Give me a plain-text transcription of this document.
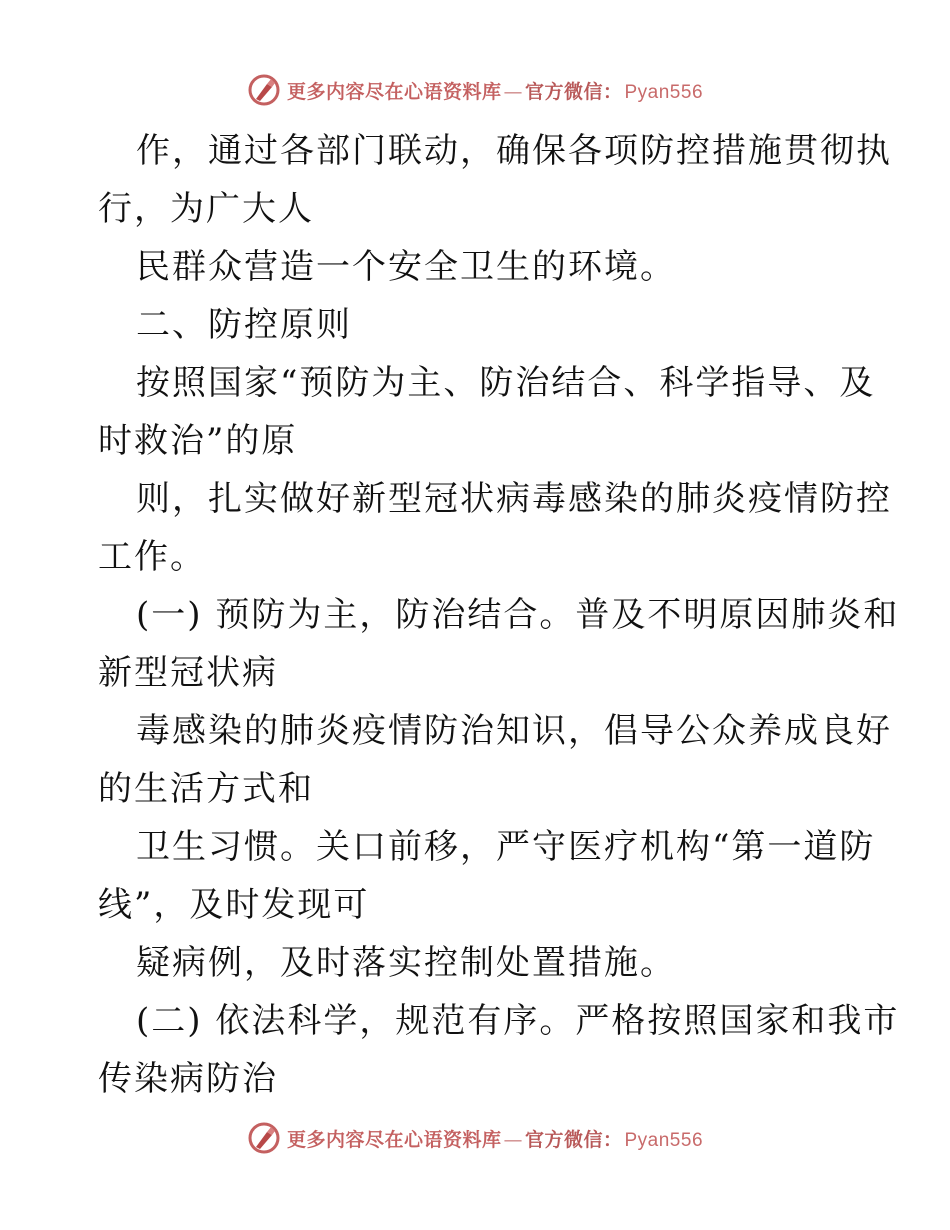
更多内容尽在心语资料库 — 官方微信： Pyan556
作，通过各部门联动，确保各项防控措施贯彻执
行，为广大人
民群众营造一个安全卫生的环境。
二、防控原则
按照国家“预防为主、防治结合、科学指导、及
时救治”的原
则，扎实做好新型冠状病毒感染的肺炎疫情防控
工作。
(一) 预防为主，防治结合。普及不明原因肺炎和
新型冠状病
毒感染的肺炎疫情防治知识，倡导公众养成良好
的生活方式和
卫生习惯。关口前移，严守医疗机构“第一道防
线”，及时发现可
疑病例，及时落实控制处置措施。
(二) 依法科学，规范有序。严格按照国家和我市
传染病防治
更多内容尽在心语资料库 — 官方微信： Pyan556
